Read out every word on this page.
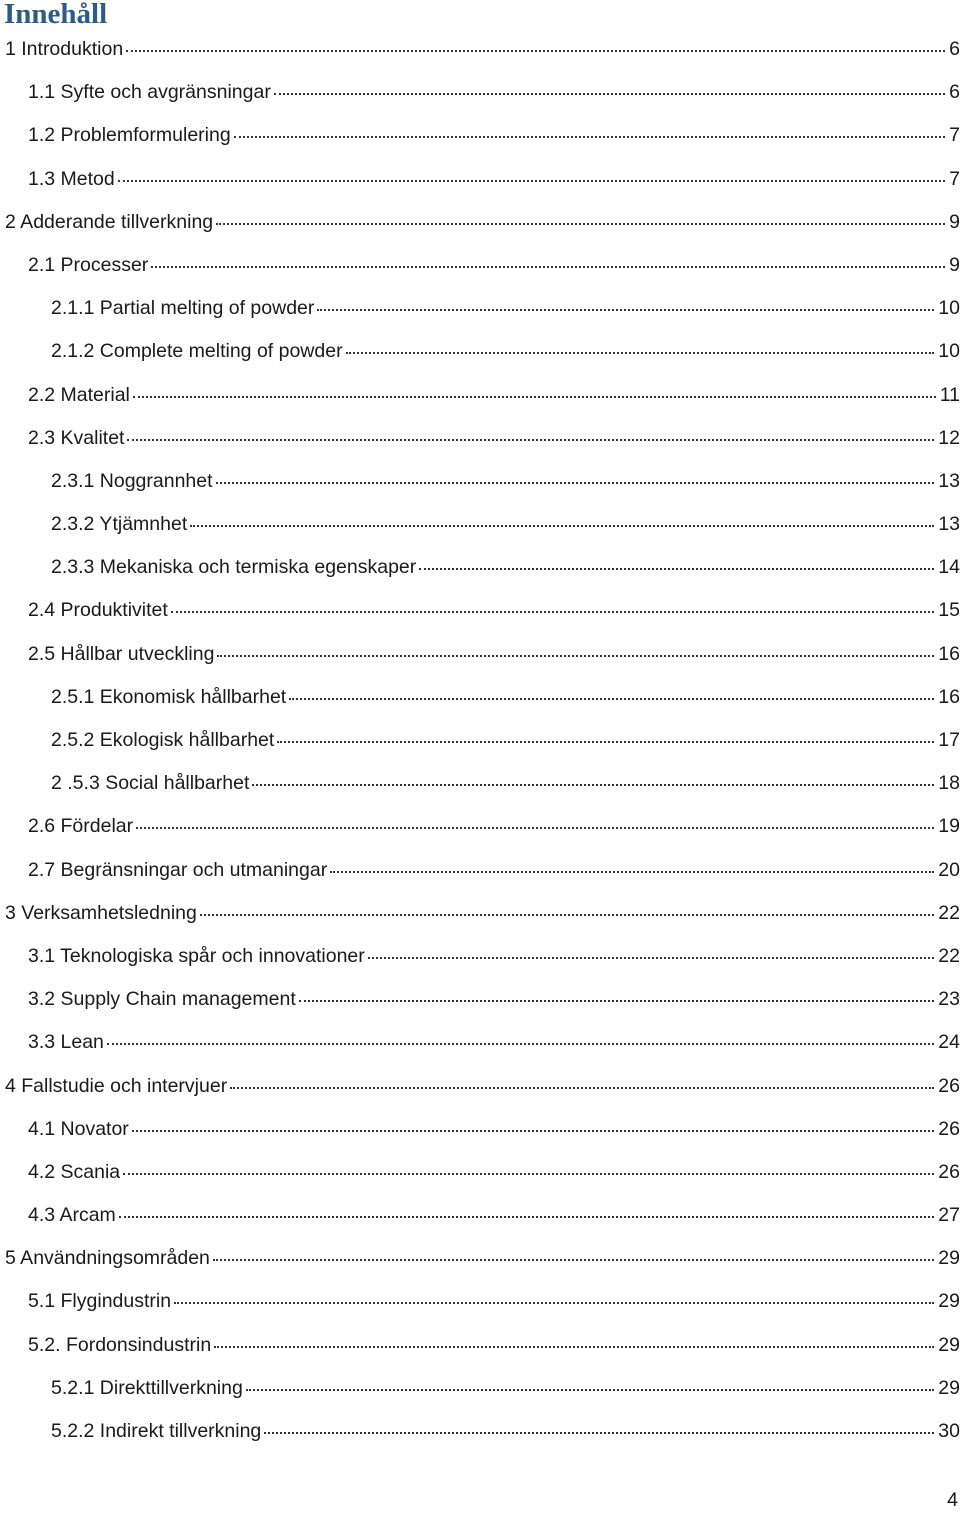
Innehåll
1 Introduktion	6
1.1 Syfte och avgränsningar	6
1.2 Problemformulering	7
1.3 Metod	7
2 Adderande tillverkning	9
2.1 Processer	9
2.1.1 Partial melting of powder	10
2.1.2 Complete melting of powder	10
2.2 Material	11
2.3 Kvalitet	12
2.3.1 Noggrannhet	13
2.3.2 Ytjämnhet	13
2.3.3 Mekaniska och termiska egenskaper	14
2.4 Produktivitet	15
2.5 Hållbar utveckling	16
2.5.1 Ekonomisk hållbarhet	16
2.5.2 Ekologisk hållbarhet	17
2 .5.3 Social hållbarhet	18
2.6 Fördelar	19
2.7 Begränsningar och utmaningar	20
3 Verksamhetsledning	22
3.1 Teknologiska spår och innovationer	22
3.2 Supply Chain management	23
3.3 Lean	24
4 Fallstudie och intervjuer	26
4.1 Novator	26
4.2 Scania	26
4.3 Arcam	27
5 Användningsområden	29
5.1 Flygindustrin	29
5.2. Fordonsindustrin	29
5.2.1 Direkttillverkning	29
5.2.2 Indirekt tillverkning	30
4
